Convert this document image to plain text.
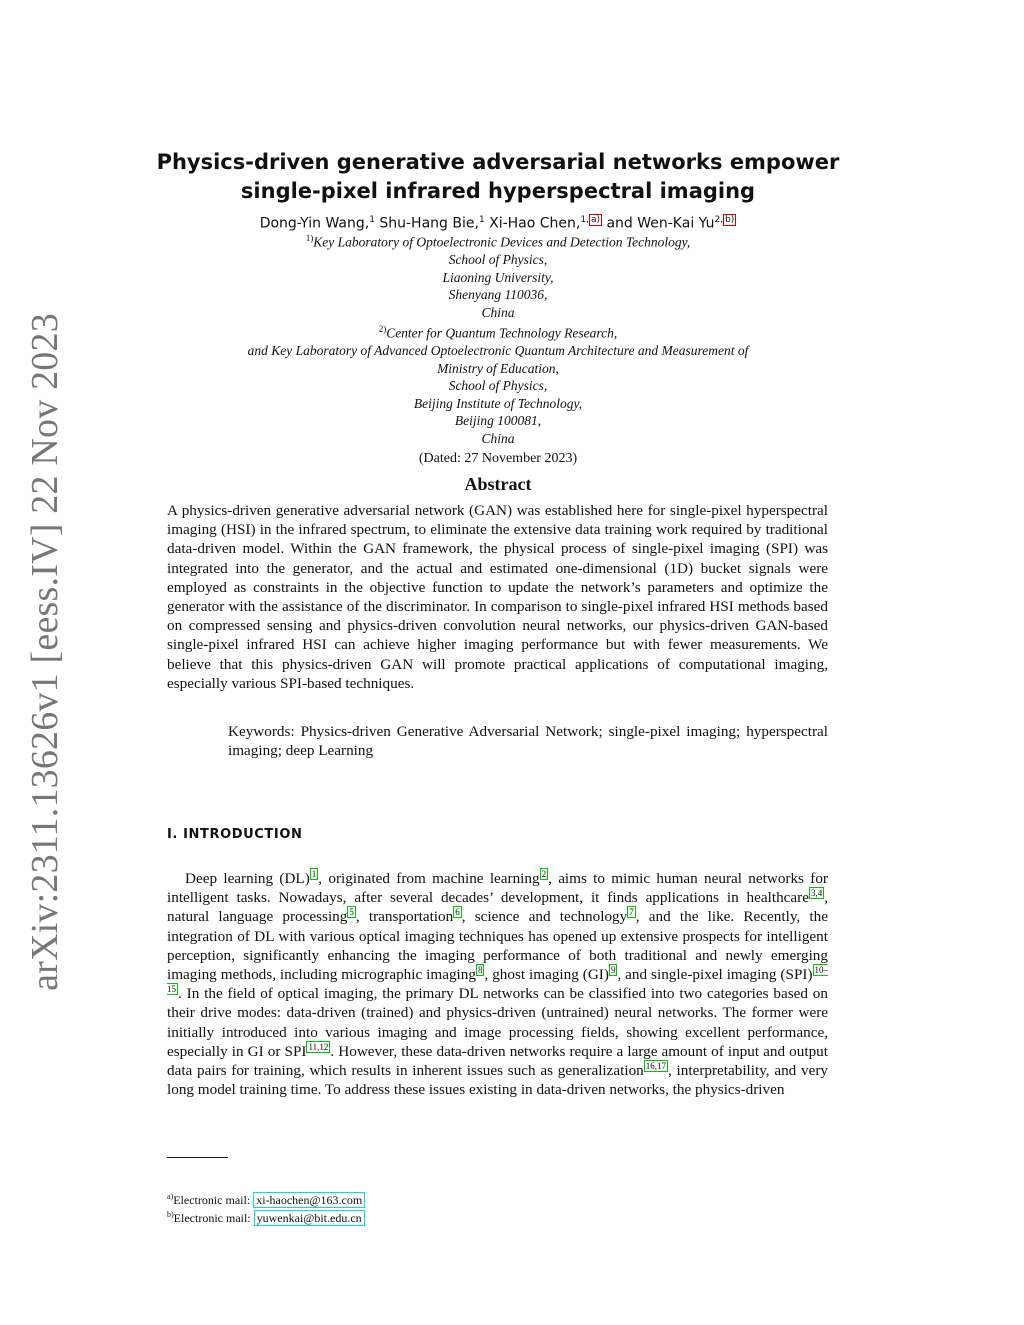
arXiv:2311.13626v1 [eess.IV] 22 Nov 2023
Physics-driven generative adversarial networks empower
single-pixel infrared hyperspectral imaging
Dong-Yin Wang,$^1$ Shu-Hang Bie,$^1$ Xi-Hao Chen,$^{1, a)}$ and Wen-Kai Yu$^{2, b)}$
$^{1)}$Key Laboratory of Optoelectronic Devices and Detection Technology,
School of Physics,
Liaoning University,
Shenyang 110036,
China
$^{2)}$Center for Quantum Technology Research,
and Key Laboratory of Advanced Optoelectronic Quantum Architecture and Measurement of
Ministry of Education,
School of Physics,
Beijing Institute of Technology,
Beijing 100081,
China
(Dated: 27 November 2023)
Abstract

A physics-driven generative adversarial network (GAN) was established here for single-pixel hyperspectral imaging (HSI) in the infrared spectrum, to eliminate the extensive data training work required by traditional data-driven model. Within the GAN framework, the physical process of single-pixel imaging (SPI) was integrated into the generator, and the actual and estimated one-dimensional (1D) bucket signals were employed as constraints in the objective function to update the network’s parameters and optimize the generator with the assistance of the discriminator. In comparison to single-pixel infrared HSI methods based on compressed sensing and physics-driven convolution neural networks, our physics-driven GAN-based single-pixel infrared HSI can achieve higher imaging performance but with fewer measurements. We believe that this physics-driven GAN will promote practical applications of computational imaging, especially various SPI-based techniques.

Keywords: Physics-driven Generative Adversarial Network; single-pixel imaging; hyperspectral imaging; deep Learning

I. INTRODUCTION

Deep learning (DL) $^1$ , originated from machine learning $^2$ , aims to mimic human neural networks for intelligent tasks. Nowadays, after several decades’ development, it finds applications in healthcare $^{3,4}$ , natural language processing $^5$ , transportation $^6$ , science and technology $^7$ , and the like. Recently, the integration of DL with various optical imaging techniques has opened up extensive prospects for intelligent perception, significantly enhancing the imaging performance of both traditional and newly emerging imaging methods, including micrographic imaging $^8$ , ghost imaging (GI) $^9$ , and single-pixel imaging (SPI) $^{10-15}$ . In the field of optical imaging, the primary DL networks can be classified into two categories based on their drive modes: data-driven (trained) and physics-driven (untrained) neural networks. The former were initially introduced into various imaging and image processing fields, showing excellent performance, especially in GI or SPI $^{11,12}$ . However, these data-driven networks require a large amount of input and output data pairs for training, which results in inherent issues such as generalization $^{16,17}$ , interpretability, and very long model training time. To address these issues existing in data-driven networks, the physics-driven

$^{a)}$Electronic mail: xi-haochen@163.com
$^{b)}$Electronic mail: yuwenkai@bit.edu.cn
